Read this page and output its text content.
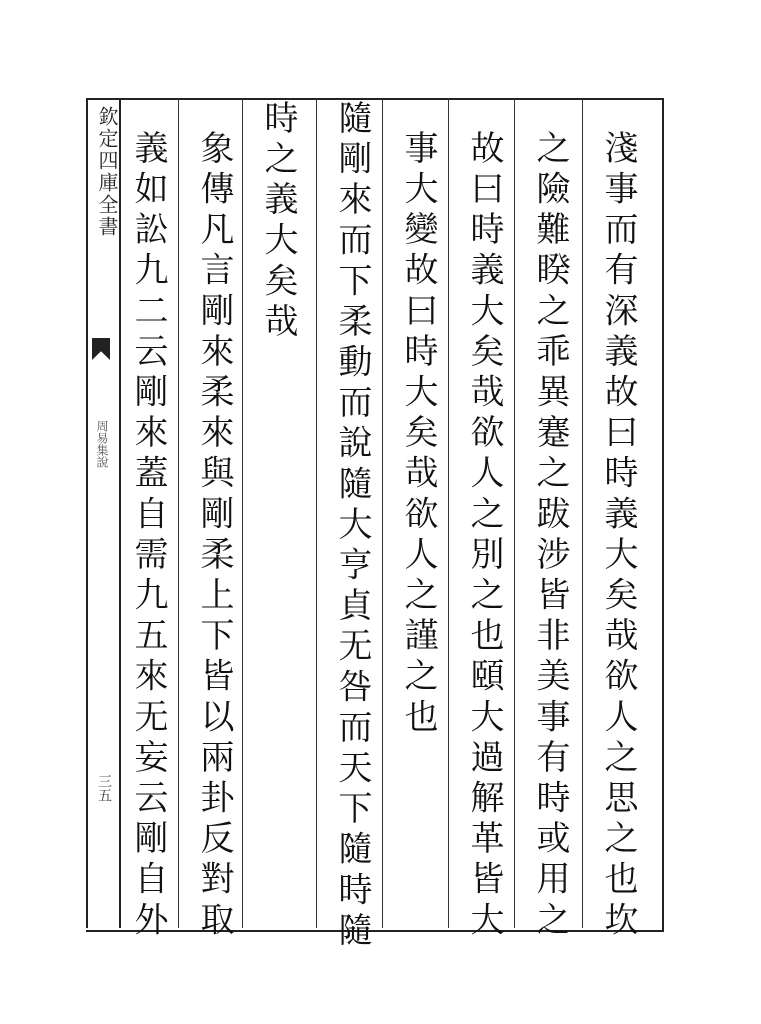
欽定四庫全書
周易集說
三五	淺事而有深義故曰時義大矣哉欲人之思之也坎
之險難睽之乖異蹇之跋涉皆非美事有時或用之
故曰時義大矣哉欲人之別之也頤大過解革皆大
事大變故曰時大矣哉欲人之謹之也
隨剛來而下柔動而說隨大亨貞无咎而天下隨時隨
時之義大矣哉
象傳凡言剛來柔來與剛柔上下皆以兩卦反對取
義如訟九二云剛來蓋自需九五來无妄云剛自外
